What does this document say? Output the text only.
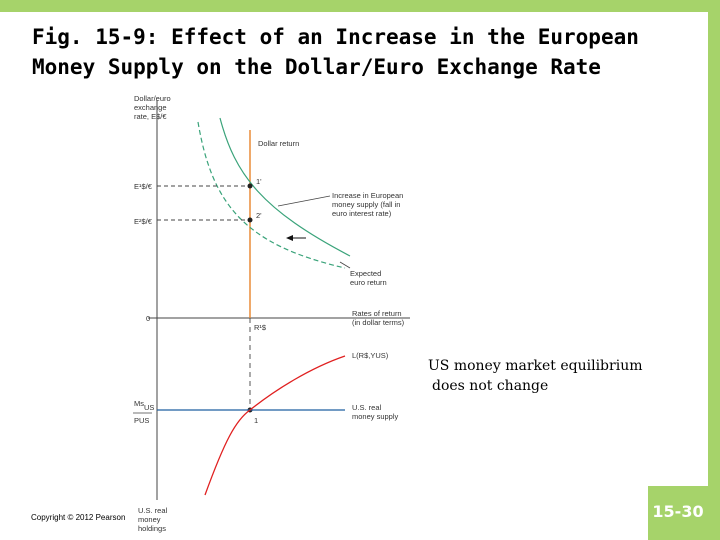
Fig. 15-9: Effect of an Increase in the European
Money Supply on the Dollar/Euro Exchange Rate
Dollar/euro
exchange
rate, E$/€
Dollar return
E¹$/€
E²$/€
0
1'
2'
1
Increase in European
money supply (fall in
euro interest rate)
Expected
euro return
Rates of return
(in dollar terms)
R¹$
U.S. real
money supply
L(R$,YUS)
Ms US
PUS
U.S. real
money
holdings
US money market equilibrium
does not change
Copyright © 2012 Pearson	15-30
